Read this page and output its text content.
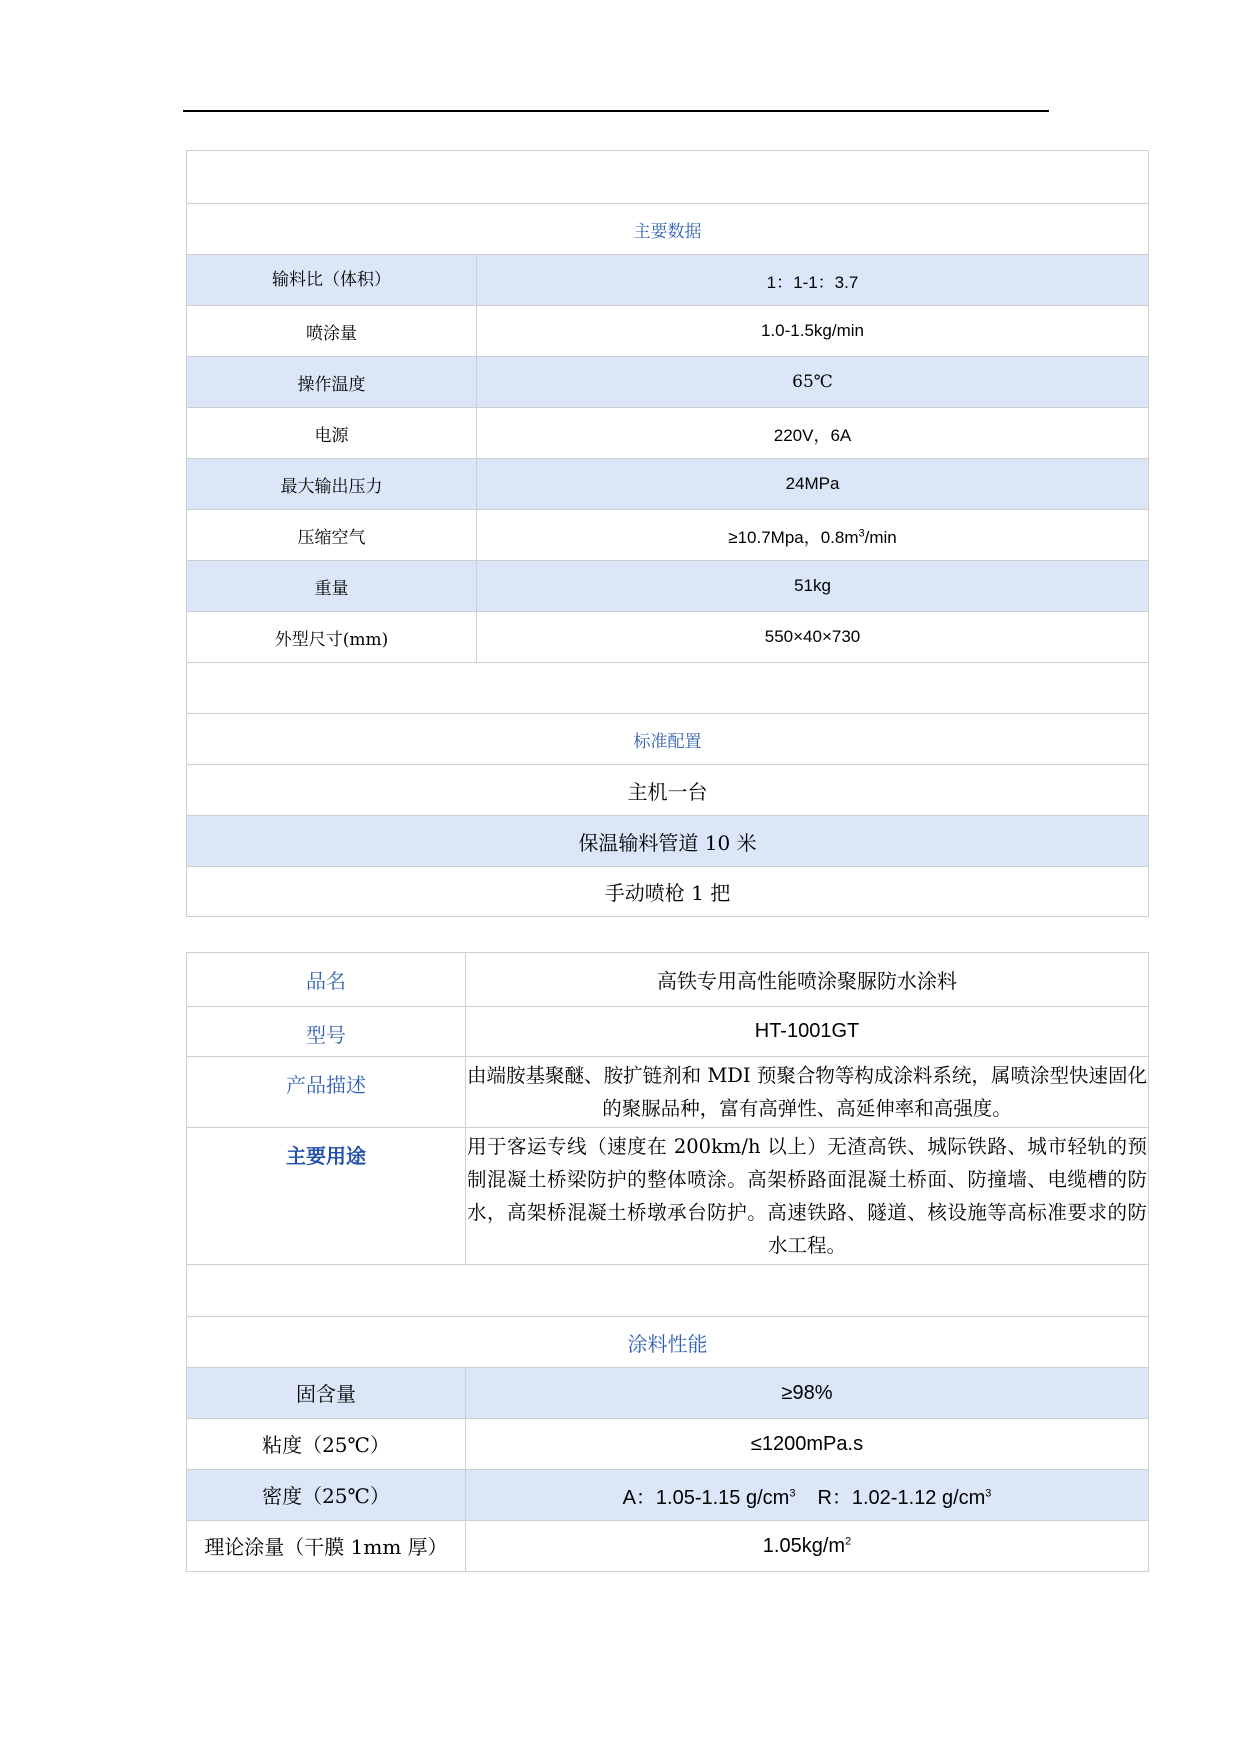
主要数据	
输料比（体积）	1：1-1：3.7
喷涂量	1.0-1.5kg/min
操作温度	65℃
电源	220V，6A
最大输出压力	24MPa
压缩空气	≥10.7Mpa，$0.8m^3/\min$
重量	51kg
外型尺寸(mm)	550×40×730

标准配置	
主机一台	
保温输料管道 10 米	
手动喷枪 1 把	
品名	高铁专用高性能喷涂聚脲防水涂料
型号	HT-1001GT
产品描述	由端胺基聚醚、胺扩链剂和 MDI 预聚合物等构成涂料系统，属喷涂型快速固化的聚脲品种，富有高弹性、高延伸率和高强度。
主要用途	用于客运专线（速度在 200km/h 以上）无渣高铁、城际铁路、城市轻轨的预制混凝土桥梁防护的整体喷涂。高架桥路面混凝土桥面、防撞墙、电缆槽的防水，高架桥混凝土桥墩承台防护。高速铁路、隧道、核设施等高标准要求的防水工程。

涂料性能	
固含量	≥98%
粘度（25℃）	≤1200mPa.s
密度（25℃）	A：1.05-1.15 $g/cm^3$ R：1.02-1.12 $g/cm^3$
理论涂量（干膜 1mm 厚）	$1.05kg/m^2$
